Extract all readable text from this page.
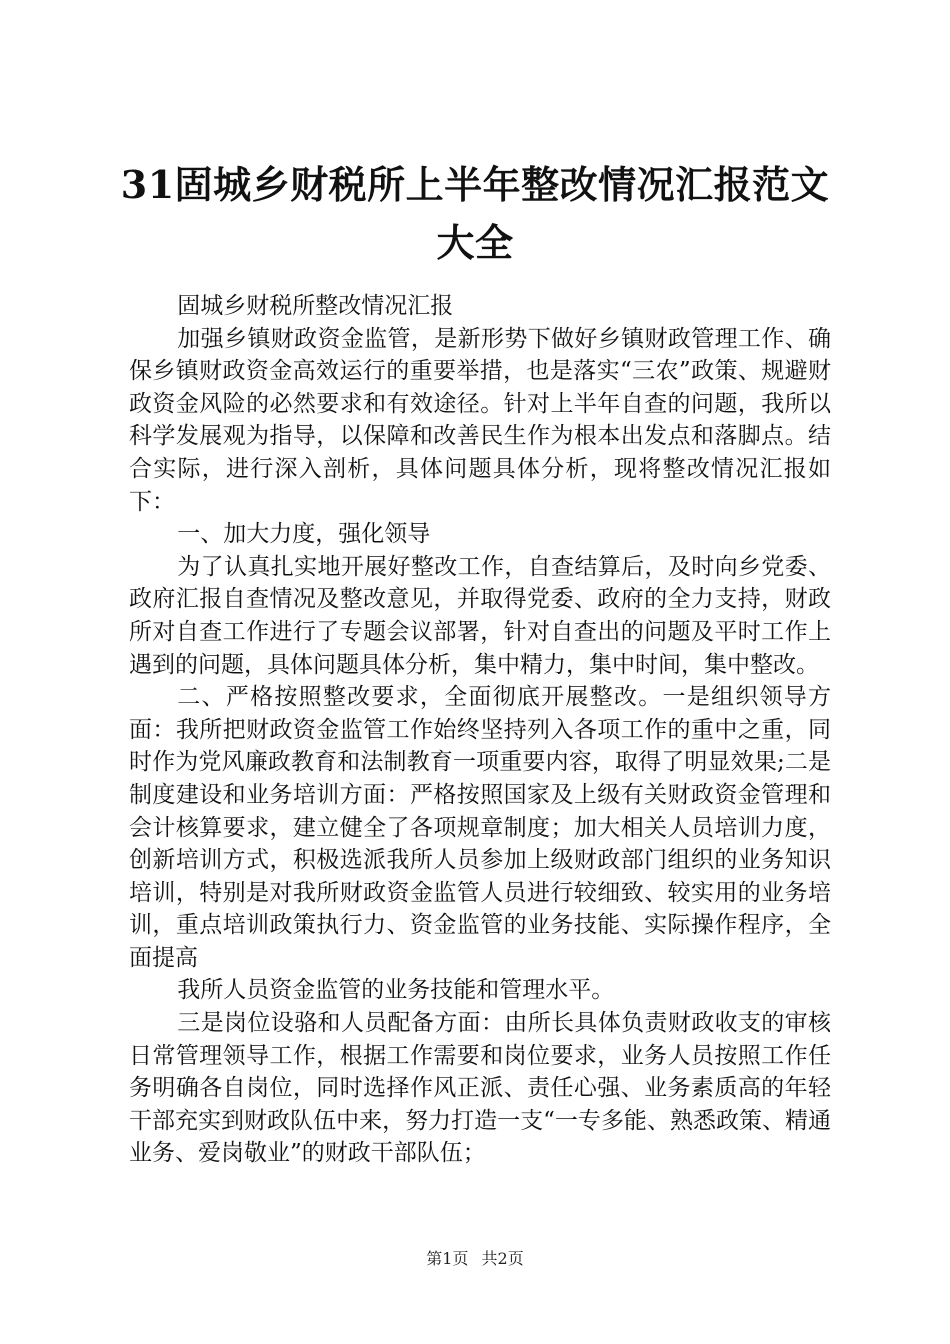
31固城乡财税所上半年整改情况汇报范文大全

固城乡财税所整改情况汇报

加强乡镇财政资金监管，是新形势下做好乡镇财政管理工作、确保乡镇财政资金高效运行的重要举措，也是落实“三农”政策、规避财政资金风险的必然要求和有效途径。针对上半年自查的问题，我所以科学发展观为指导，以保障和改善民生作为根本出发点和落脚点。结合实际，进行深入剖析，具体问题具体分析，现将整改情况汇报如下：

一、加大力度，强化领导

为了认真扎实地开展好整改工作，自查结算后，及时向乡党委、政府汇报自查情况及整改意见，并取得党委、政府的全力支持，财政所对自查工作进行了专题会议部署，针对自查出的问题及平时工作上遇到的问题，具体问题具体分析，集中精力，集中时间，集中整改。

二、严格按照整改要求，全面彻底开展整改。一是组织领导方面：我所把财政资金监管工作始终坚持列入各项工作的重中之重，同时作为党风廉政教育和法制教育一项重要内容，取得了明显效果;二是制度建设和业务培训方面：严格按照国家及上级有关财政资金管理和会计核算要求，建立健全了各项规章制度；加大相关人员培训力度，创新培训方式，积极选派我所人员参加上级财政部门组织的业务知识培训，特别是对我所财政资金监管人员进行较细致、较实用的业务培训，重点培训政策执行力、资金监管的业务技能、实际操作程序，全面提高

我所人员资金监管的业务技能和管理水平。

三是岗位设骆和人员配备方面：由所长具体负责财政收支的审核日常管理领导工作，根据工作需要和岗位要求，业务人员按照工作任务明确各自岗位，同时选择作风正派、责任心强、业务素质高的年轻干部充实到财政队伍中来，努力打造一支“一专多能、熟悉政策、精通业务、爱岗敬业”的财政干部队伍；

第1页 共2页
